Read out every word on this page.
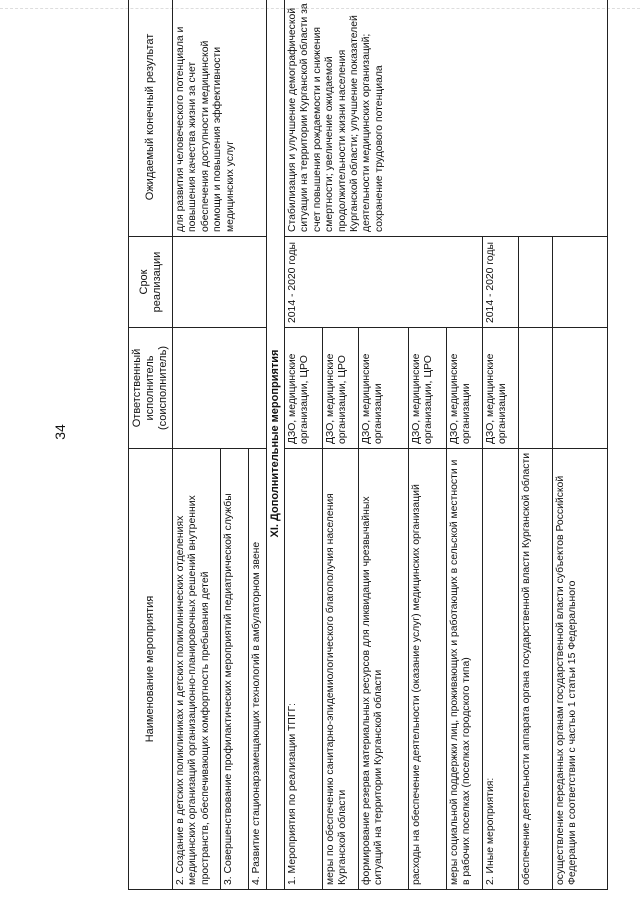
34
Наименование мероприятия	Ответственный исполнитель (соисполнитель)	Срок реализации	Ожидаемый конечный результат
2. Создание в детских поликлиниках и детских поликлинических отделениях медицинских организаций организационно-планировочных решений внутренних пространств, обеспечивающих комфортность пребывания детей			для развития человеческого потенциала и повышения качества жизни за счет обеспечения доступности медицинской помощи и повышения эффективности медицинских услуг
3. Совершенствование профилактических мероприятий педиатрической службы			
4. Развитие стационарзамещающих технологий в амбулаторном звене			
XI. Дополнительные мероприятия			
1. Мероприятия по реализации ТПГГ:	ДЗО, медицинские организации, ЦРО	2014 - 2020 годы	Стабилизация и улучшение демографической ситуации на территории Курганской области за счет повышения рождаемости и снижения смертности; увеличение ожидаемой продолжительности жизни населения Курганской области; улучшение показателей деятельности медицинских организаций; сохранение трудового потенциала
меры по обеспечению санитарно-эпидемиологического благополучия населения Курганской области	ДЗО, медицинские организации, ЦРО		
формирование резерва материальных ресурсов для ликвидации чрезвычайных ситуаций на территории Курганской области	ДЗО, медицинские организации		
расходы на обеспечение деятельности (оказание услуг) медицинских организаций	ДЗО, медицинские организации, ЦРО		
меры социальной поддержки лиц, проживающих и работающих в сельской местности и в рабочих поселках (поселках городского типа)	ДЗО, медицинские организации		
2. Иные мероприятия:	ДЗО, медицинские организации	2014 - 2020 годы	
обеспечение деятельности аппарата органа государственной власти Курганской области			
осуществление переданных органам государственной власти субъектов Российской Федерации в соответствии с частью 1 статьи 15 Федерального			
